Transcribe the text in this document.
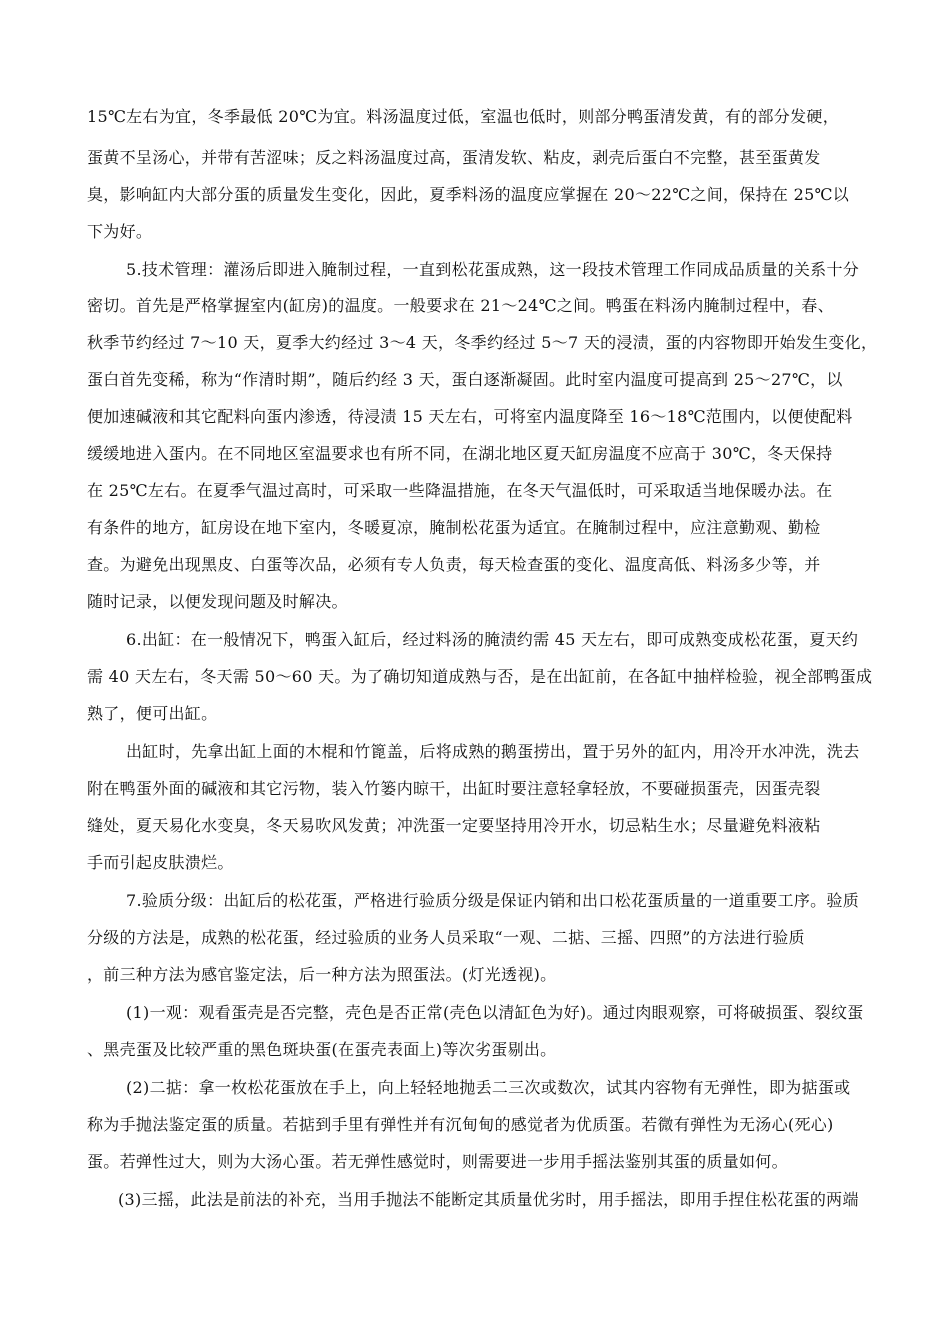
15℃左右为宜，冬季最低 20℃为宜。料汤温度过低，室温也低时，则部分鸭蛋清发黄，有的部分发硬，
蛋黄不呈汤心，并带有苦涩味；反之料汤温度过高，蛋清发软、粘皮，剥壳后蛋白不完整，甚至蛋黄发
臭，影响缸内大部分蛋的质量发生变化，因此，夏季料汤的温度应掌握在 20～22℃之间，保持在 25℃以
下为好。
5.技术管理：灌汤后即进入腌制过程，一直到松花蛋成熟，这一段技术管理工作同成品质量的关系十分
密切。首先是严格掌握室内(缸房)的温度。一般要求在 21～24℃之间。鸭蛋在料汤内腌制过程中，春、
秋季节约经过 7～10 天，夏季大约经过 3～4 天，冬季约经过 5～7 天的浸渍，蛋的内容物即开始发生变化，
蛋白首先变稀，称为“作清时期”，随后约经 3 天，蛋白逐渐凝固。此时室内温度可提高到 25～27℃，以
便加速碱液和其它配料向蛋内渗透，待浸渍 15 天左右，可将室内温度降至 16～18℃范围内，以便使配料
缓缓地进入蛋内。在不同地区室温要求也有所不同，在湖北地区夏天缸房温度不应高于 30℃，冬天保持
在 25℃左右。在夏季气温过高时，可采取一些降温措施，在冬天气温低时，可采取适当地保暖办法。在
有条件的地方，缸房设在地下室内，冬暖夏凉，腌制松花蛋为适宜。在腌制过程中，应注意勤观、勤检
查。为避免出现黑皮、白蛋等次品，必须有专人负责，每天检查蛋的变化、温度高低、料汤多少等，并
随时记录，以便发现问题及时解决。
6.出缸：在一般情况下，鸭蛋入缸后，经过料汤的腌渍约需 45 天左右，即可成熟变成松花蛋，夏天约
需 40 天左右，冬天需 50～60 天。为了确切知道成熟与否，是在出缸前，在各缸中抽样检验，视全部鸭蛋成
熟了，便可出缸。
出缸时，先拿出缸上面的木棍和竹篦盖，后将成熟的鹅蛋捞出，置于另外的缸内，用冷开水冲洗，洗去
附在鸭蛋外面的碱液和其它污物，装入竹篓内晾干，出缸时要注意轻拿轻放，不要碰损蛋壳，因蛋壳裂
缝处，夏天易化水变臭，冬天易吹风发黄；冲洗蛋一定要坚持用冷开水，切忌粘生水；尽量避免料液粘
手而引起皮肤溃烂。
7.验质分级：出缸后的松花蛋，严格进行验质分级是保证内销和出口松花蛋质量的一道重要工序。验质
分级的方法是，成熟的松花蛋，经过验质的业务人员采取“一观、二掂、三摇、四照”的方法进行验质
，前三种方法为感官鉴定法，后一种方法为照蛋法。(灯光透视)。
(1)一观：观看蛋壳是否完整，壳色是否正常(壳色以清缸色为好)。通过肉眼观察，可将破损蛋、裂纹蛋
、黑壳蛋及比较严重的黑色斑块蛋(在蛋壳表面上)等次劣蛋剔出。
(2)二掂：拿一枚松花蛋放在手上，向上轻轻地抛丢二三次或数次，试其内容物有无弹性，即为掂蛋或
称为手抛法鉴定蛋的质量。若掂到手里有弹性并有沉甸甸的感觉者为优质蛋。若微有弹性为无汤心(死心)
蛋。若弹性过大，则为大汤心蛋。若无弹性感觉时，则需要进一步用手摇法鉴别其蛋的质量如何。
(3)三摇，此法是前法的补充，当用手抛法不能断定其质量优劣时，用手摇法，即用手捏住松花蛋的两端
